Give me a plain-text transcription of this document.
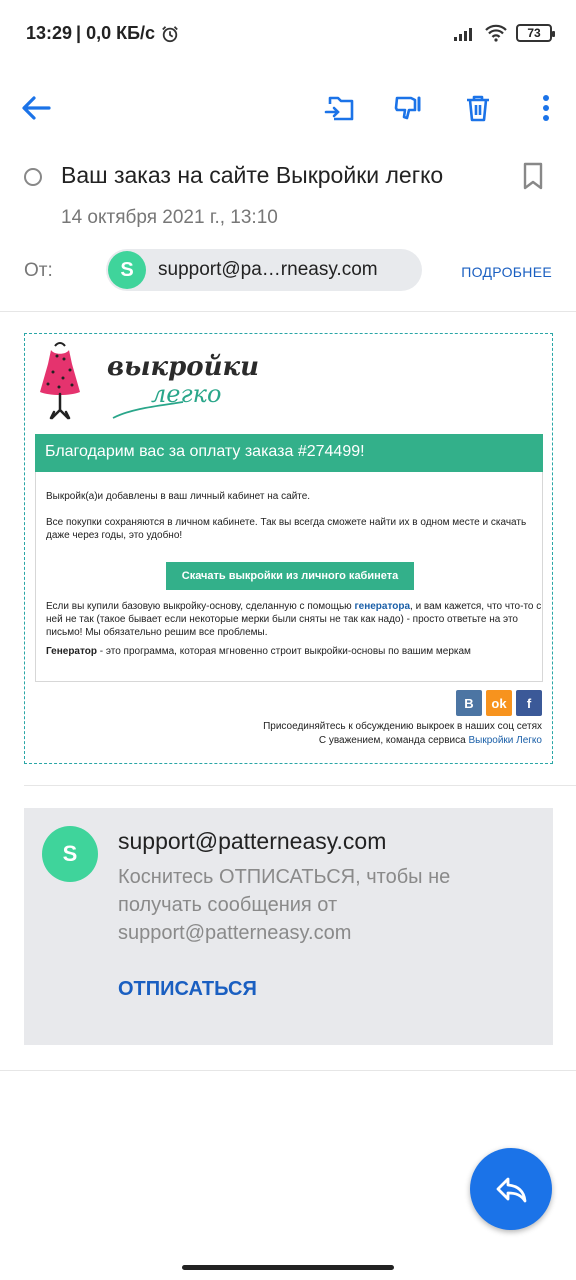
13:29 | 0,0 КБ/с	73
Ваш заказ на сайте Выкройки легко
14 октября 2021 г., 13:10
От:	S	support@pa…rneasy.com	ПОДРОБНЕЕ
выкройки
легко
Благодарим вас за оплату заказа #274499!
Выкройк(а)и добавлены в ваш личный кабинет на сайте.
Все покупки сохраняются в личном кабинете. Так вы всегда сможете найти их в одном месте и скачать даже через годы, это удобно!
Скачать выкройки из личного кабинета
Если вы купили базовую выкройку-основу, сделанную с помощью генератора, и вам кажется, что что-то с ней не так (такое бывает если некоторые мерки были сняты не так как надо) - просто ответьте на это письмо! Мы обязательно решим все проблемы.
Генератор - это программа, которая мгновенно строит выкройки-основы по вашим меркам
B	ok	f
Присоединяйтесь к обсуждению выкроек в наших соц сетях
С уважением, команда сервиса Выкройки Легко
S	support@patterneasy.com
Коснитесь ОТПИСАТЬСЯ, чтобы не получать сообщения от support@patterneasy.com
ОТПИСАТЬСЯ
